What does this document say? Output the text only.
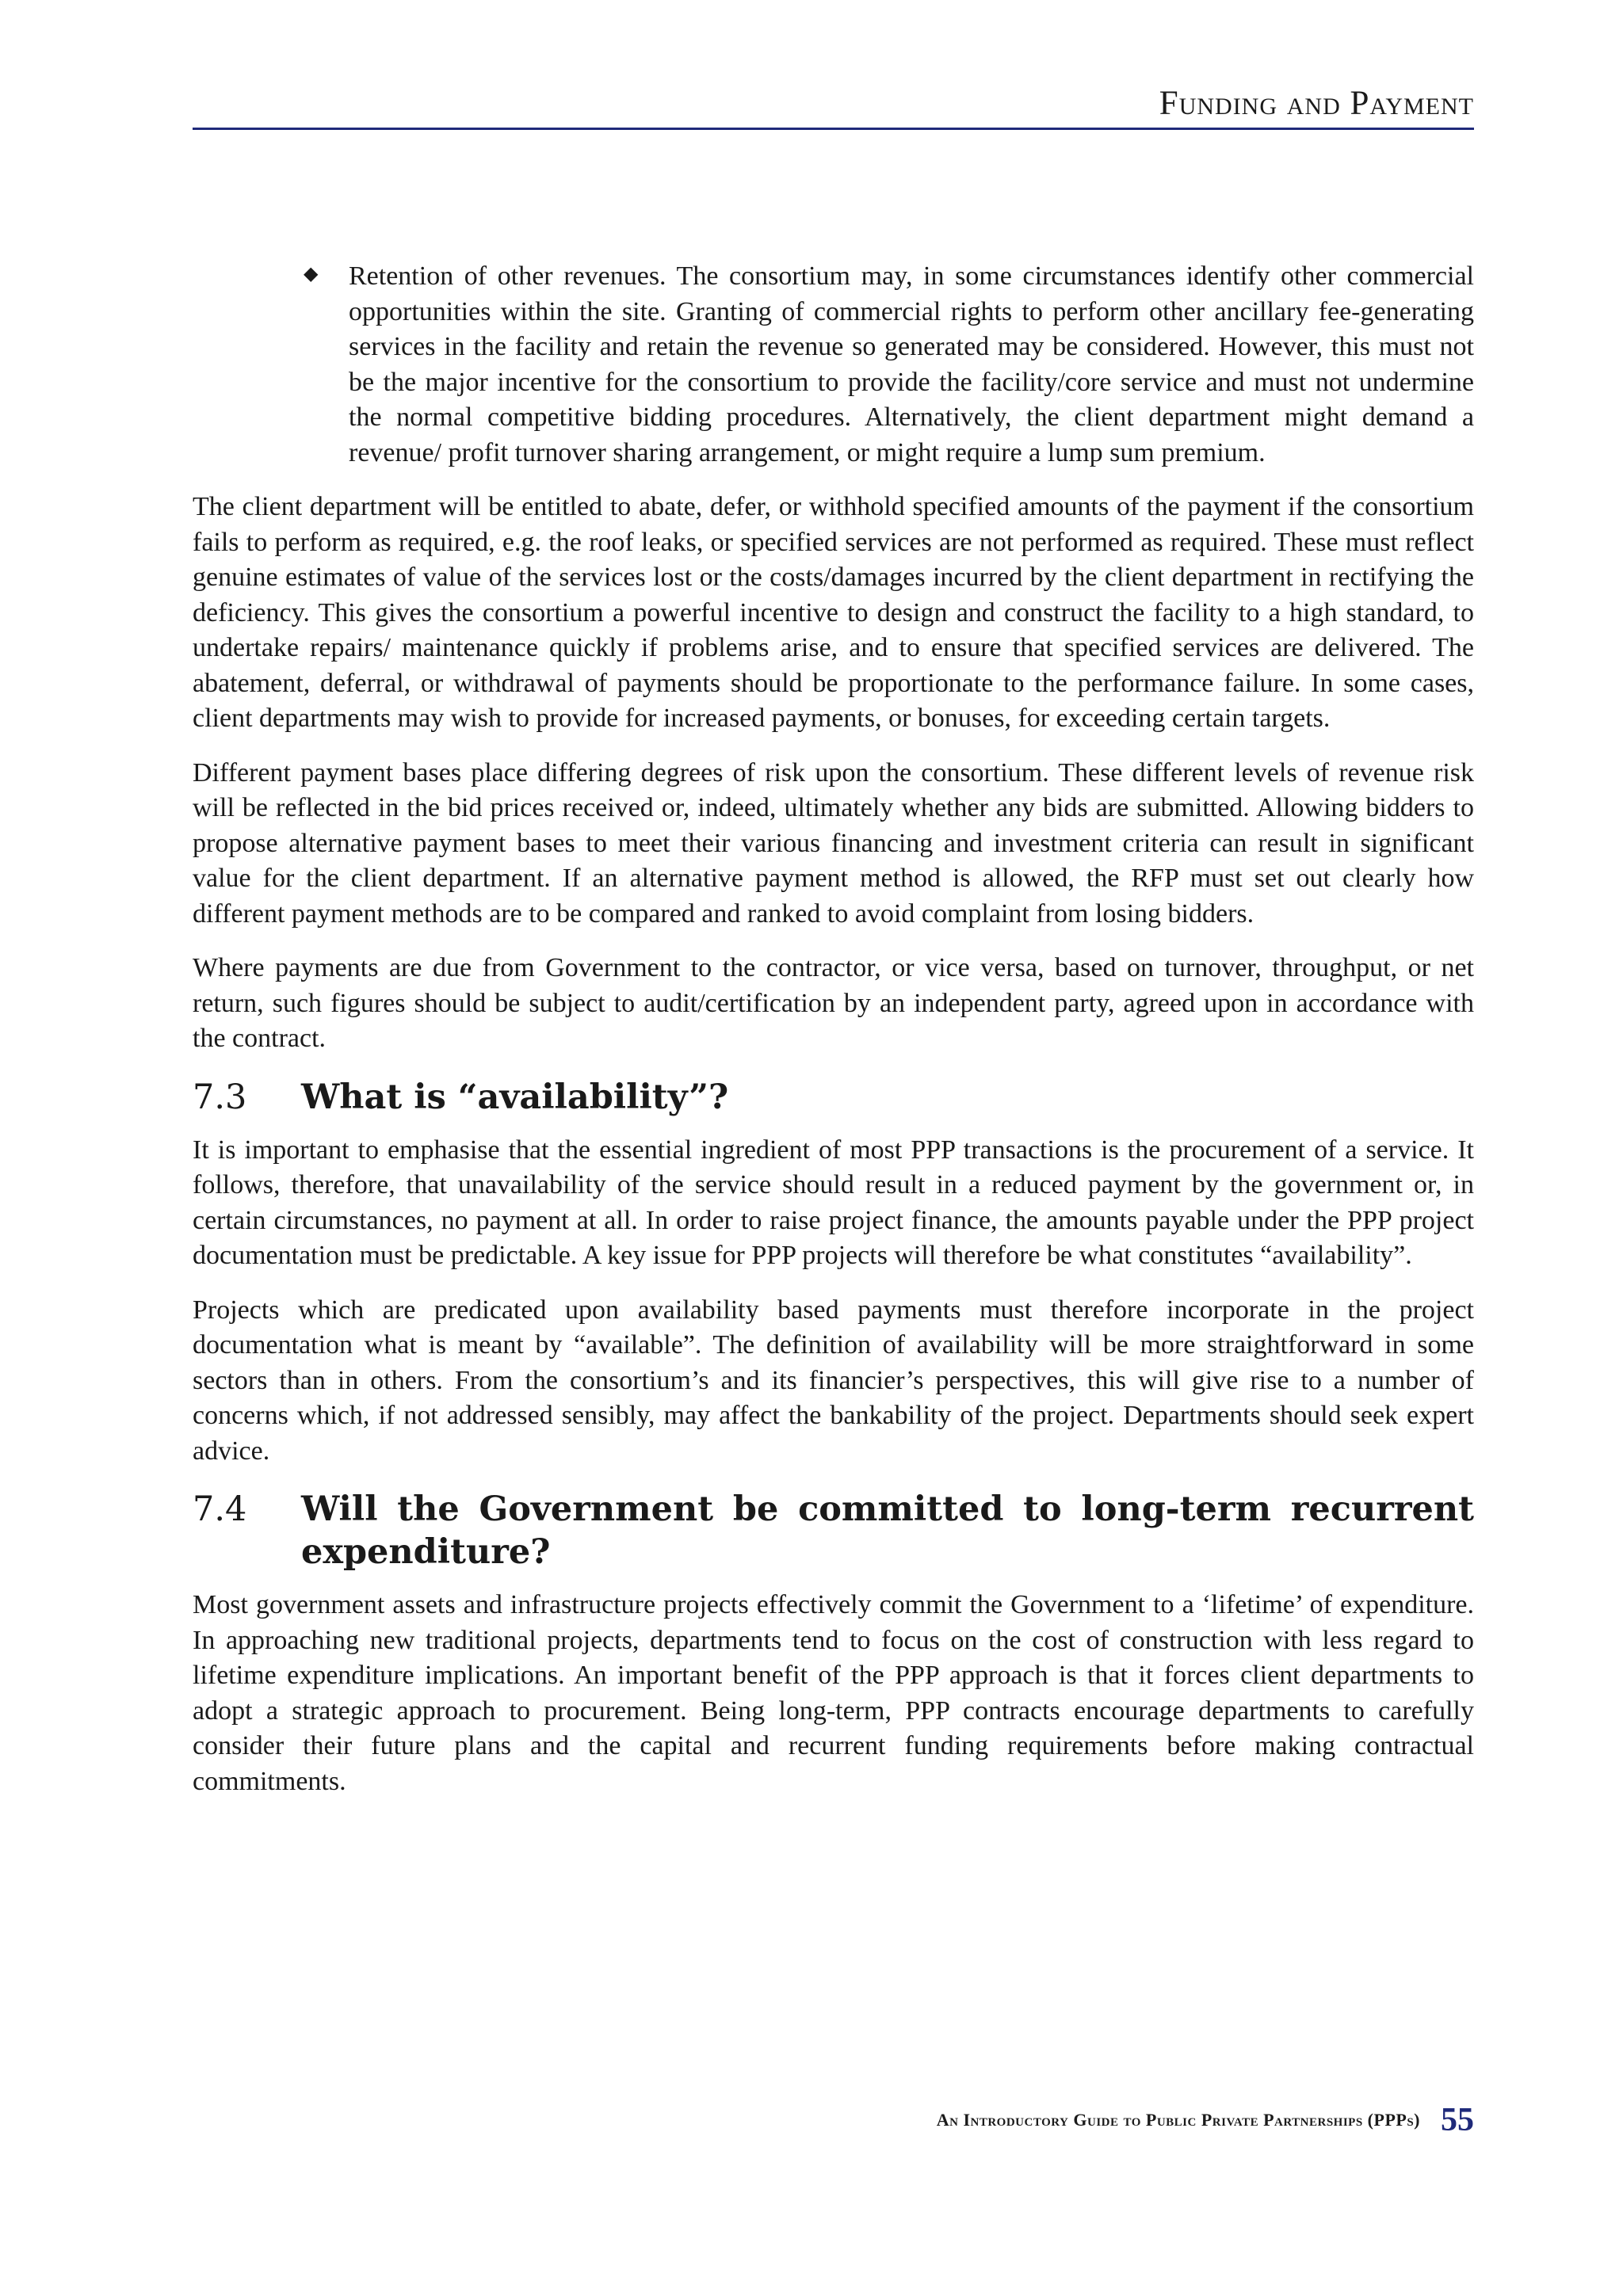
Funding and Payment
◆ Retention of other revenues. The consortium may, in some circumstances identify other commercial opportunities within the site. Granting of commercial rights to perform other ancillary fee-generating services in the facility and retain the revenue so generated may be considered. However, this must not be the major incentive for the consortium to provide the facility/core service and must not undermine the normal competitive bidding procedures. Alternatively, the client department might demand a revenue/ profit turnover sharing arrangement, or might require a lump sum premium.

The client department will be entitled to abate, defer, or withhold specified amounts of the payment if the consortium fails to perform as required, e.g. the roof leaks, or specified services are not performed as required. These must reflect genuine estimates of value of the services lost or the costs/damages incurred by the client department in rectifying the deficiency. This gives the consortium a powerful incentive to design and construct the facility to a high standard, to undertake repairs/ maintenance quickly if problems arise, and to ensure that specified services are delivered. The abatement, deferral, or withdrawal of payments should be proportionate to the performance failure. In some cases, client departments may wish to provide for increased payments, or bonuses, for exceeding certain targets.

Different payment bases place differing degrees of risk upon the consortium. These different levels of revenue risk will be reflected in the bid prices received or, indeed, ultimately whether any bids are submitted. Allowing bidders to propose alternative payment bases to meet their various financing and investment criteria can result in significant value for the client department. If an alternative payment method is allowed, the RFP must set out clearly how different payment methods are to be compared and ranked to avoid complaint from losing bidders.

Where payments are due from Government to the contractor, or vice versa, based on turnover, throughput, or net return, such figures should be subject to audit/certification by an independent party, agreed upon in accordance with the contract.

7.3	What is “availability”?

It is important to emphasise that the essential ingredient of most PPP transactions is the procurement of a service. It follows, therefore, that unavailability of the service should result in a reduced payment by the government or, in certain circumstances, no payment at all. In order to raise project finance, the amounts payable under the PPP project documentation must be predictable. A key issue for PPP projects will therefore be what constitutes “availability”.

Projects which are predicated upon availability based payments must therefore incorporate in the project documentation what is meant by “available”. The definition of availability will be more straightforward in some sectors than in others. From the consortium’s and its financier’s perspectives, this will give rise to a number of concerns which, if not addressed sensibly, may affect the bankability of the project. Departments should seek expert advice.

7.4	Will the Government be committed to long-term recurrent expenditure?

Most government assets and infrastructure projects effectively commit the Government to a ‘lifetime’ of expenditure. In approaching new traditional projects, departments tend to focus on the cost of construction with less regard to lifetime expenditure implications. An important benefit of the PPP approach is that it forces client departments to adopt a strategic approach to procurement. Being long-term, PPP contracts encourage departments to carefully consider their future plans and the capital and recurrent funding requirements before making contractual commitments.

An Introductory Guide to Public Private Partnerships (PPPs) 55
